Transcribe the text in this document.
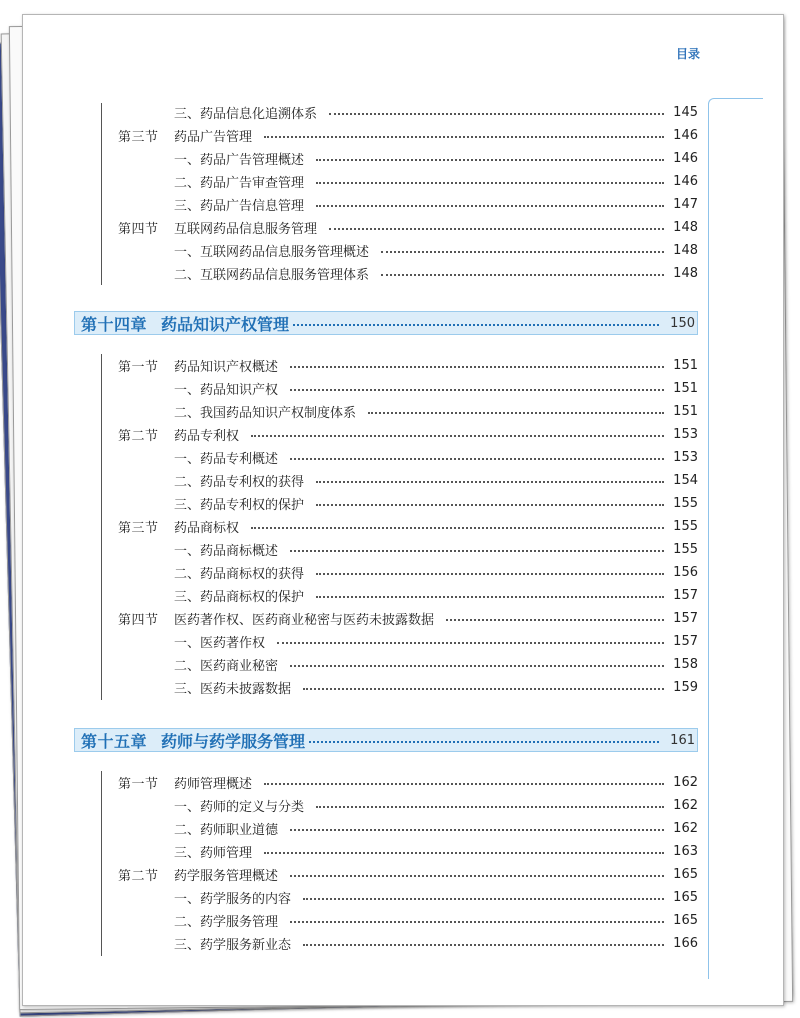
目录
三、药品信息化追溯体系	145
第三节	药品广告管理	146
一、药品广告管理概述	146
二、药品广告审查管理	146
三、药品广告信息管理	147
第四节	互联网药品信息服务管理	148
一、互联网药品信息服务管理概述	148
二、互联网药品信息服务管理体系	148
第十四章 药品知识产权管理	150
第一节	药品知识产权概述	151
一、药品知识产权	151
二、我国药品知识产权制度体系	151
第二节	药品专利权	153
一、药品专利概述	153
二、药品专利权的获得	154
三、药品专利权的保护	155
第三节	药品商标权	155
一、药品商标概述	155
二、药品商标权的获得	156
三、药品商标权的保护	157
第四节	医药著作权、医药商业秘密与医药未披露数据	157
一、医药著作权	157
二、医药商业秘密	158
三、医药未披露数据	159
第十五章 药师与药学服务管理	161
第一节	药师管理概述	162
一、药师的定义与分类	162
二、药师职业道德	162
三、药师管理	163
第二节	药学服务管理概述	165
一、药学服务的内容	165
二、药学服务管理	165
三、药学服务新业态	166
